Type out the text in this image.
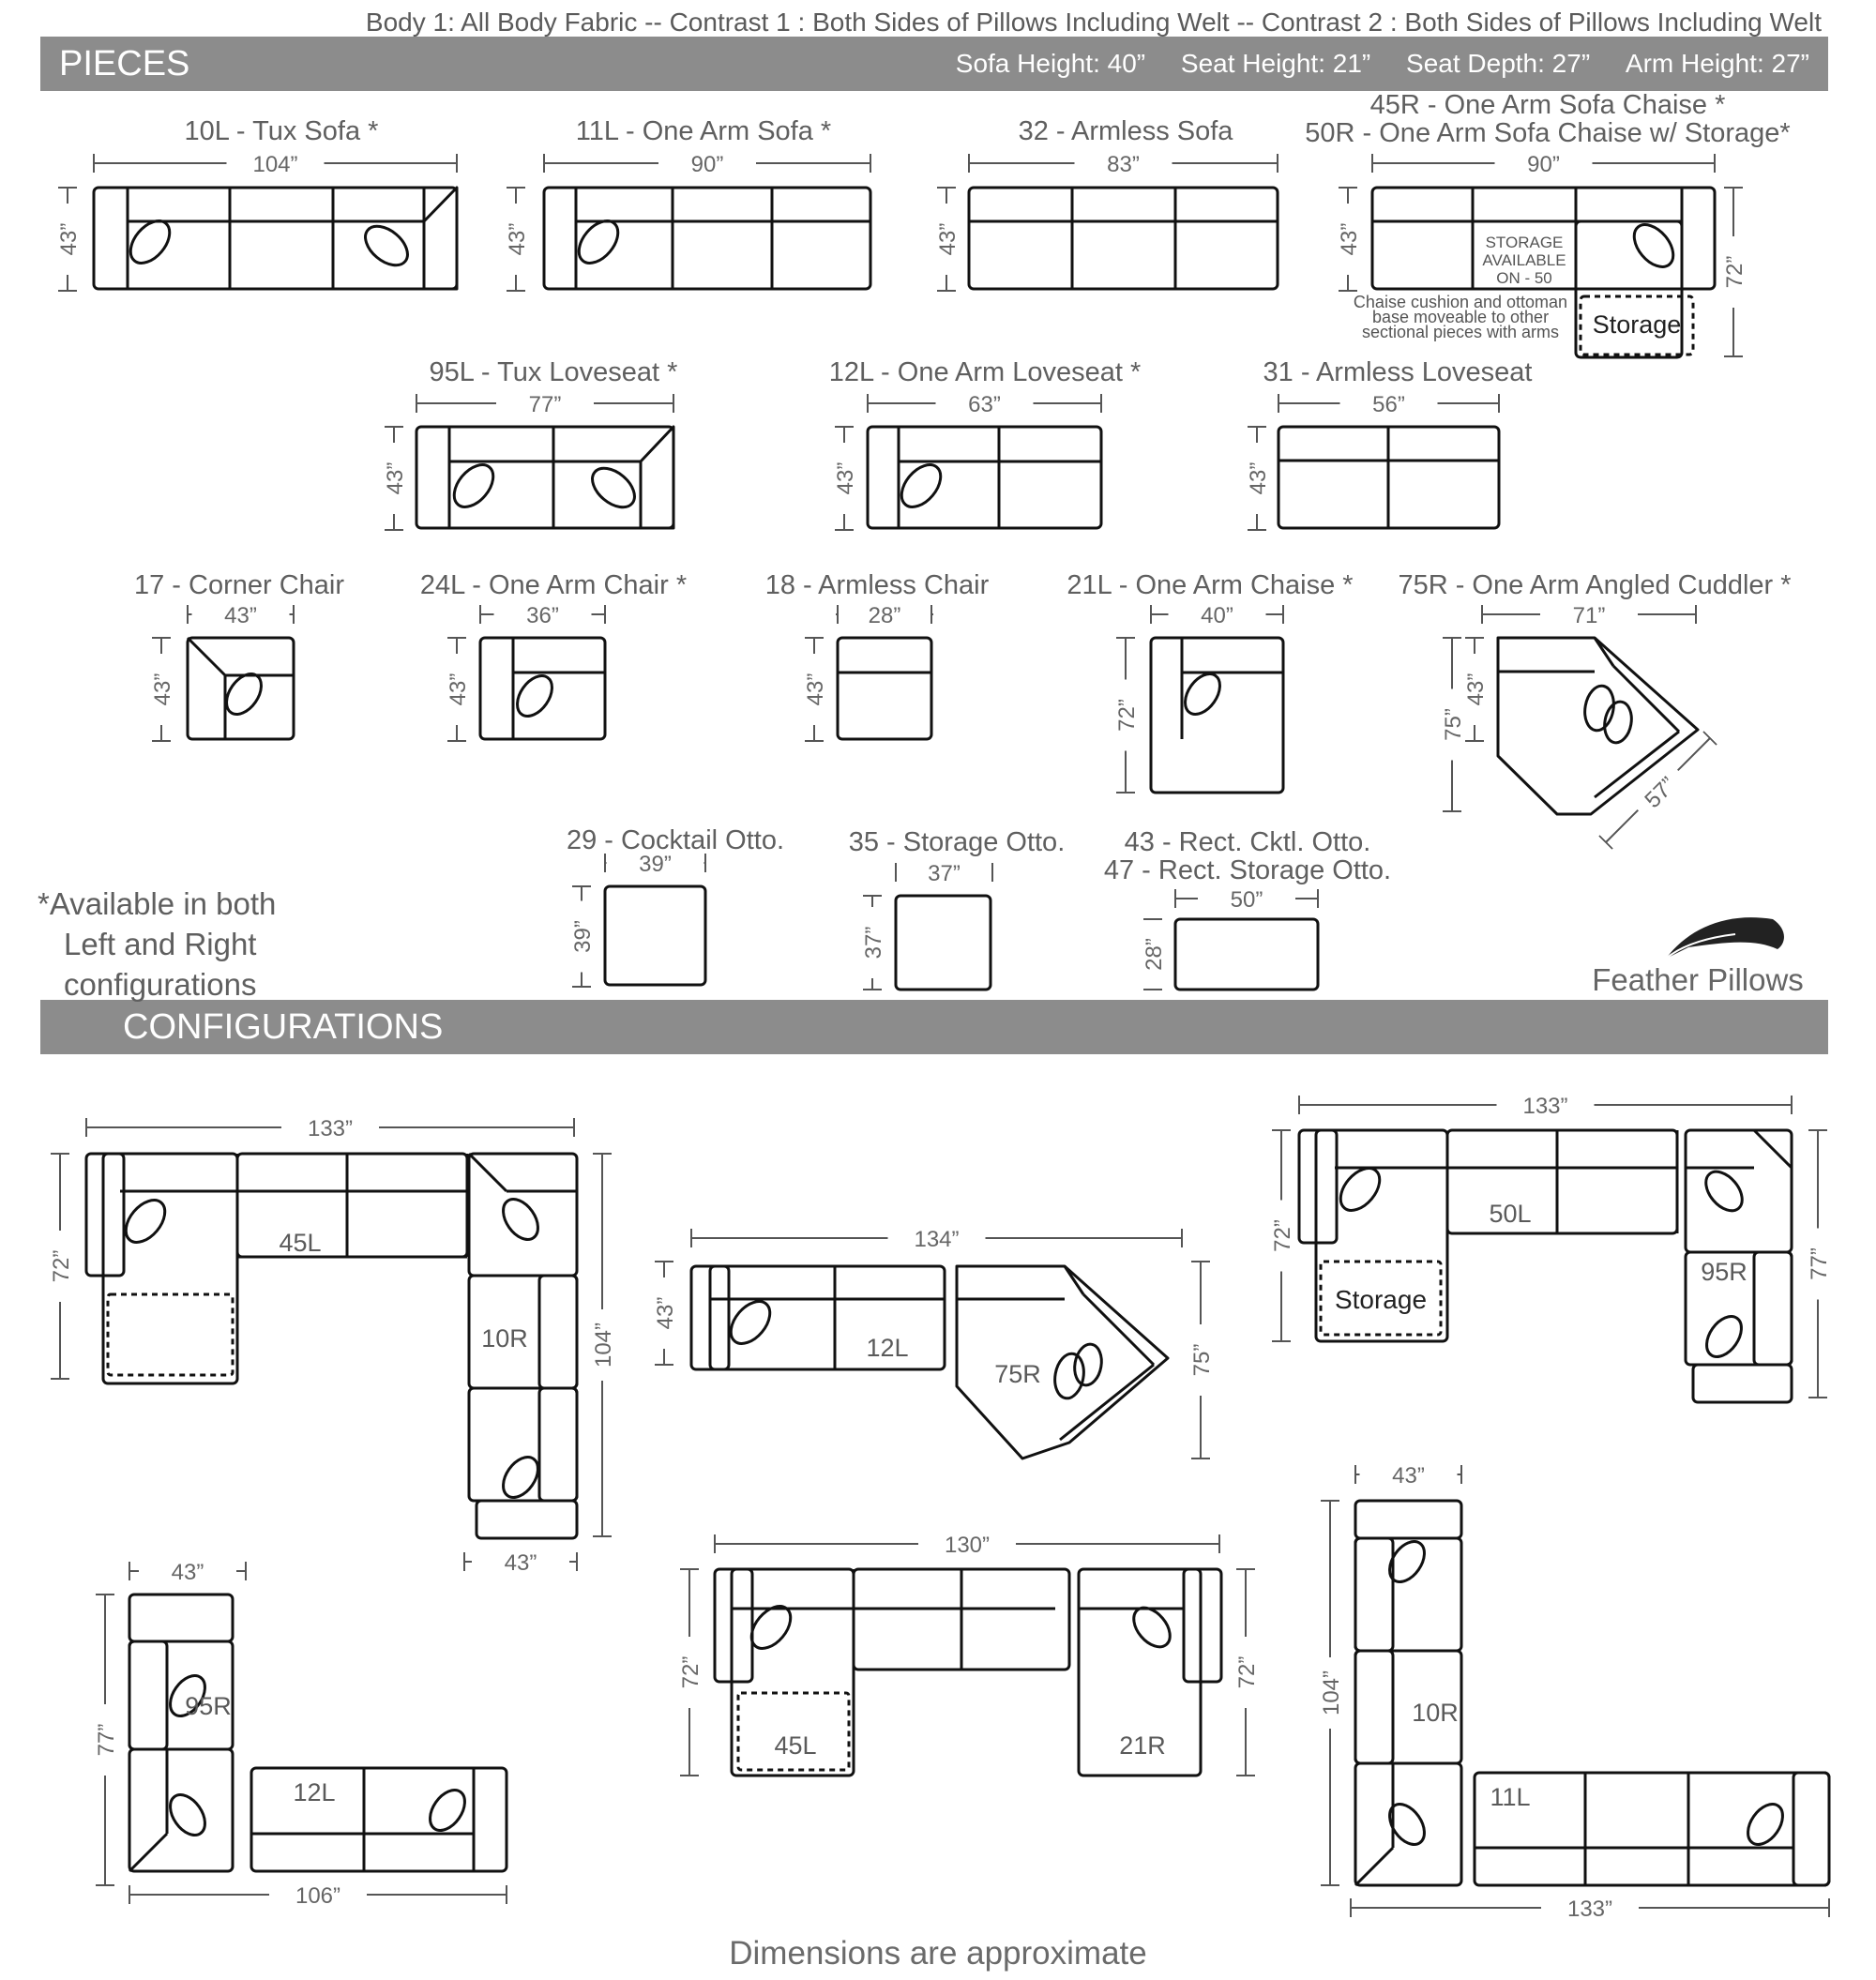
Body 1: All Body Fabric -- Contrast 1 : Both Sides of Pillows Including Welt -- Contrast 2 : Both Sides of Pillows Including Welt
PIECES	Sofa Height: 40” Seat Height: 21” Seat Depth: 27” Arm Height: 27”
CONFIGURATIONS
10L - Tux Sofa *	11L - One Arm Sofa *	32 - Armless Sofa
45R - One Arm Sofa Chaise *
50R - One Arm Sofa Chaise w/ Storage*
95L - Tux Loveseat *	12L - One Arm Loveseat *	31 - Armless Loveseat
17 - Corner Chair	24L - One Arm Chair *	18 - Armless Chair	21L - One Arm Chaise *	75R - One Arm Angled Cuddler *
29 - Cocktail Otto.	35 - Storage Otto.	43 - Rect. Cktl. Otto.
47 - Rect. Storage Otto.
*Available in both
Left and Right
configurations	Feather Pillows
104”
43”
90”
43”
83”
43”
90”
43”
72”
77”
43”
63”
43”
56”
43”
43”
43”
36”
43”
28”
43”
40”
72”
71”
43”
75”
57”
39”
39”
37”
37”
50”
28”
133”
72”
104”
43”
134”
43”
75”
133”
72”
77”
43”
77”
106”
130”
72”	72”
43”
104”
133”
STORAGE
AVAILABLE
ON - 50
Chaise cushion and ottoman
base moveable to other
sectional pieces with arms Storage
45L
10R	12L
75R
Storage
50L
95R
95R
12L
45L	21R
10R
11L
Dimensions are approximate
